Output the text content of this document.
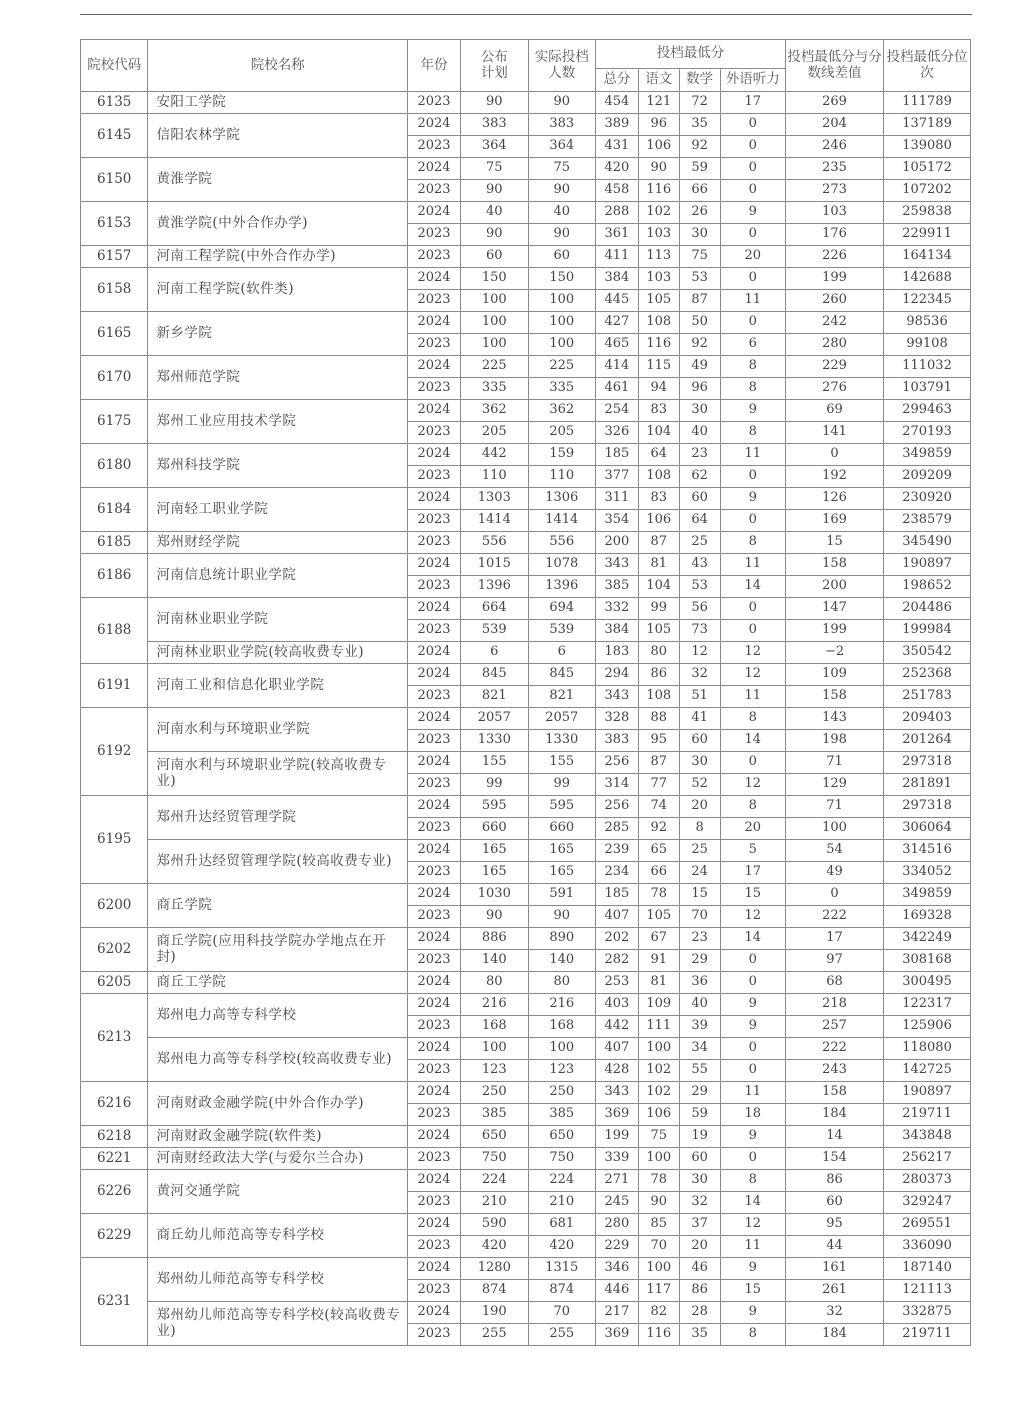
院校代码	院校名称	年份	公布计划	实际投档人数	投档最低分				投档最低分与分数线差值	投档最低分位次
					总分	语文	数学	外语听力		
6135	安阳工学院	2023	90	90	454	121	72	17	269	111789
6145	信阳农林学院	2024	383	383	389	96	35	0	204	137189
		2023	364	364	431	106	92	0	246	139080
6150	黄淮学院	2024	75	75	420	90	59	0	235	105172
		2023	90	90	458	116	66	0	273	107202
6153	黄淮学院(中外合作办学)	2024	40	40	288	102	26	9	103	259838
		2023	90	90	361	103	30	0	176	229911
6157	河南工程学院(中外合作办学)	2023	60	60	411	113	75	20	226	164134
6158	河南工程学院(软件类)	2024	150	150	384	103	53	0	199	142688
		2023	100	100	445	105	87	11	260	122345
6165	新乡学院	2024	100	100	427	108	50	0	242	98536
		2023	100	100	465	116	92	6	280	99108
6170	郑州师范学院	2024	225	225	414	115	49	8	229	111032
		2023	335	335	461	94	96	8	276	103791
6175	郑州工业应用技术学院	2024	362	362	254	83	30	9	69	299463
		2023	205	205	326	104	40	8	141	270193
6180	郑州科技学院	2024	442	159	185	64	23	11	0	349859
		2023	110	110	377	108	62	0	192	209209
6184	河南轻工职业学院	2024	1303	1306	311	83	60	9	126	230920
		2023	1414	1414	354	106	64	0	169	238579
6185	郑州财经学院	2023	556	556	200	87	25	8	15	345490
6186	河南信息统计职业学院	2024	1015	1078	343	81	43	11	158	190897
		2023	1396	1396	385	104	53	14	200	198652
6188	河南林业职业学院	2024	664	694	332	99	56	0	147	204486
		2023	539	539	384	105	73	0	199	199984
	河南林业职业学院(较高收费专业)	2024	6	6	183	80	12	12	−2	350542
6191	河南工业和信息化职业学院	2024	845	845	294	86	32	12	109	252368
		2023	821	821	343	108	51	11	158	251783
6192	河南水利与环境职业学院	2024	2057	2057	328	88	41	8	143	209403
		2023	1330	1330	383	95	60	14	198	201264
	河南水利与环境职业学院(较高收费专业)	2024	155	155	256	87	30	0	71	297318
		2023	99	99	314	77	52	12	129	281891
6195	郑州升达经贸管理学院	2024	595	595	256	74	20	8	71	297318
		2023	660	660	285	92	8	20	100	306064
	郑州升达经贸管理学院(较高收费专业)	2024	165	165	239	65	25	5	54	314516
		2023	165	165	234	66	24	17	49	334052
6200	商丘学院	2024	1030	591	185	78	15	15	0	349859
		2023	90	90	407	105	70	12	222	169328
6202	商丘学院(应用科技学院办学地点在开封)	2024	886	890	202	67	23	14	17	342249
		2023	140	140	282	91	29	0	97	308168
6205	商丘工学院	2024	80	80	253	81	36	0	68	300495
6213	郑州电力高等专科学校	2024	216	216	403	109	40	9	218	122317
		2023	168	168	442	111	39	9	257	125906
	郑州电力高等专科学校(较高收费专业)	2024	100	100	407	100	34	0	222	118080
		2023	123	123	428	102	55	0	243	142725
6216	河南财政金融学院(中外合作办学)	2024	250	250	343	102	29	11	158	190897
		2023	385	385	369	106	59	18	184	219711
6218	河南财政金融学院(软件类)	2024	650	650	199	75	19	9	14	343848
6221	河南财经政法大学(与爱尔兰合办)	2023	750	750	339	100	60	0	154	256217
6226	黄河交通学院	2024	224	224	271	78	30	8	86	280373
		2023	210	210	245	90	32	14	60	329247
6229	商丘幼儿师范高等专科学校	2024	590	681	280	85	37	12	95	269551
		2023	420	420	229	70	20	11	44	336090
6231	郑州幼儿师范高等专科学校	2024	1280	1315	346	100	46	9	161	187140
		2023	874	874	446	117	86	15	261	121113
	郑州幼儿师范高等专科学校(较高收费专业)	2024	190	70	217	82	28	9	32	332875
		2023	255	255	369	116	35	8	184	219711
